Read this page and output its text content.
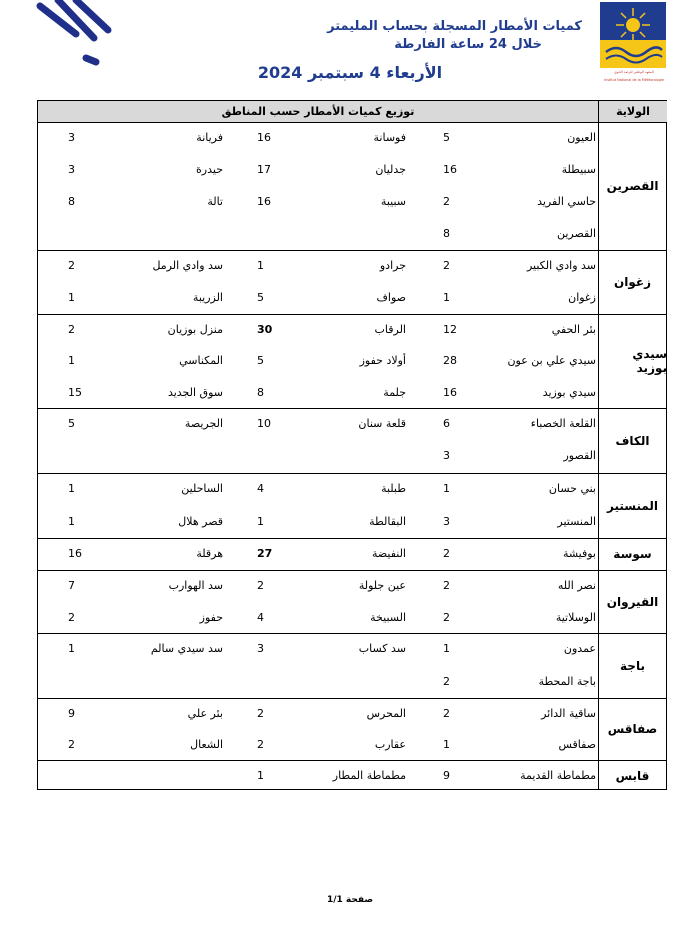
المعهد الوطني للرصد الجوي
Institut National de la Météorologie
كميات الأمطار المسجلة بحساب المليمتر
خلال 24 ساعة الفارطة
الأربعاء 4 سبتمبر 2024
الولاية
توزيع كميات الأمطار حسب المناطق
القصرين
زغوان
سيدي بوزيد
الكاف
المنستير
سوسة
القيروان
باجة
صفاقس
قابس
العيون
5
فوسانة
16
فريانة
3
سبيطلة
16
جدليان
17
حيدرة
3
حاسي الفريد
2
سبيبة
16
تالة
8
القصرين
8
سد وادي الكبير
2
جرادو
1
سد وادي الرمل
2
زغوان
1
صواف
5
الزريبة
1
بئر الحفي
12
الرقاب
30
منزل بوزيان
2
سيدي علي بن عون
28
أولاد حفوز
5
المكناسي
1
سيدي بوزيد
16
جلمة
8
سوق الجديد
15
القلعة الخصباء
6
قلعة سنان
10
الجريصة
5
القصور
3
بني حسان
1
طبلبة
4
الساحلين
1
المنستير
3
البقالطة
1
قصر هلال
1
بوفيشة
2
النفيضة
27
هرقلة
16
نصر الله
2
عين جلولة
2
سد الهوارب
7
الوسلاتية
2
السبيخة
4
حفوز
2
عمدون
1
سد كساب
3
سد سيدي سالم
1
باجة المحطة
2
ساقية الدائر
2
المحرس
2
بئر علي
9
صفاقس
1
عقارب
2
الشعال
2
مطماطة القديمة
9
مطماطة المطار
1
صفحة 1/1
